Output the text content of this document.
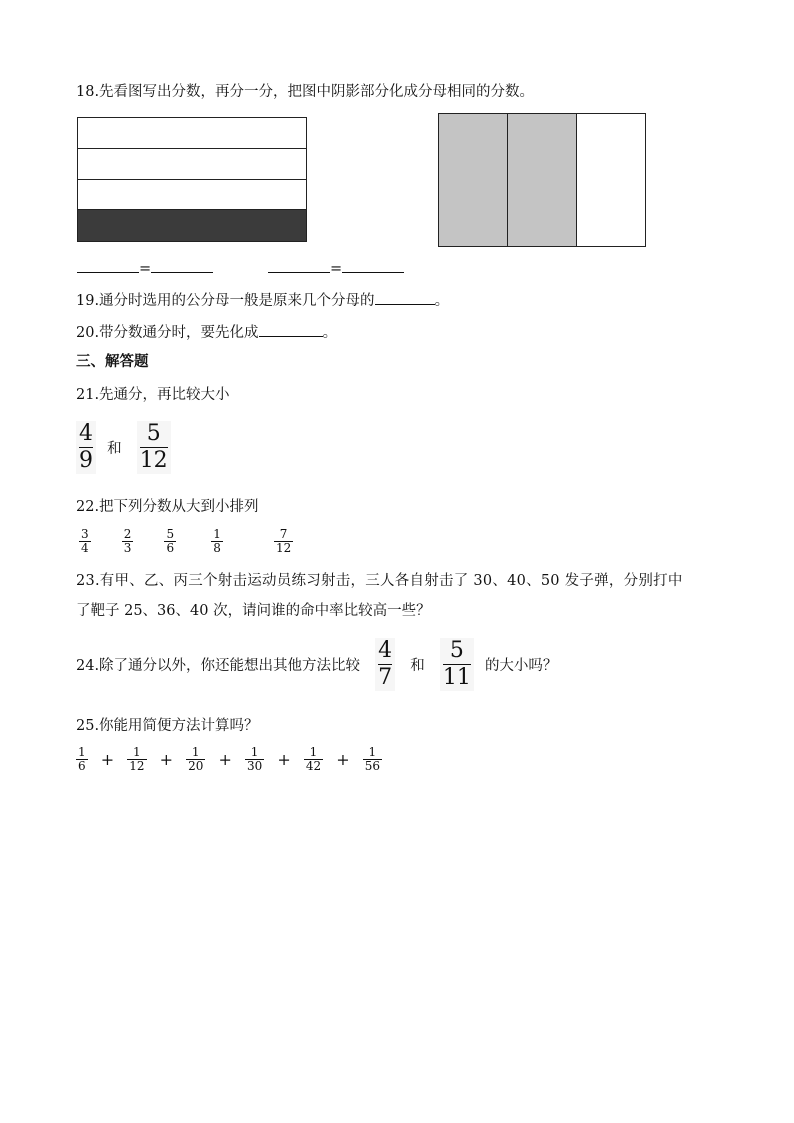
18.先看图写出分数，再分一分，把图中阴影部分化成分母相同的分数。
=	=
19.通分时选用的公分母一般是原来几个分母的	。
20.带分数通分时，要先化成	。
三、解答题
21.先通分，再比较大小
$\frac{4}{9}$ 和 $\frac{5}{12}$
22.把下列分数从大到小排列
$\frac{3}{4}$
	$\frac{2}{3}$
	$\frac{5}{6}$
	$\frac{1}{8}$
	$\frac{7}{12}$
23.有甲、乙、丙三个射击运动员练习射击，三人各自射击了 30、40、50 发子弹，分别打中
了靶子 25、36、40 次，请问谁的命中率比较高一些？
24.除了通分以外，你还能想出其他方法比较 $\frac{4}{7}$ 和 $\frac{5}{11}$ 的大小吗？
25.你能用简便方法计算吗？
$\frac{1}{6} + \frac{1}{12} + \frac{1}{20} + \frac{1}{30} + \frac{1}{42} + \frac{1}{56}$
